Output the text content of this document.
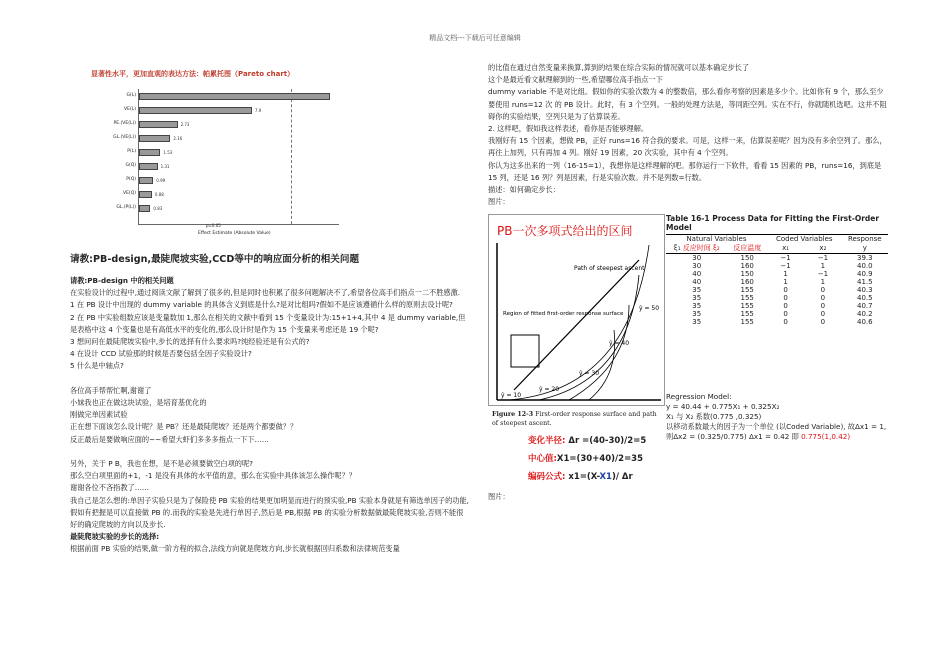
精品文档---下载后可任意编辑
显著性水平，更加直观的表达方法：帕累托图（Pareto chart）
G(L)
VE(L)	7.9
PE.(VE(L))	2.73
GL.(VE(L))	2.16
P(L)	1.53
G(Q)	1.31
P(Q)	0.99
VE(Q)	0.88
GL.(P(L))	0.83
p=0.05
Effect Estimate (Absolute Value)

请教:PB-design,最陡爬坡实验,CCD等中的响应面分析的相关问题

请教:PB-design 中的相关问题

在实验设计的过程中,通过阅读文献了解到了很多的,但是同时也积累了很多问题解决不了,希望各位高手们指点一二不胜感激.

1 在 PB 设计中出现的 dummy variable 的具体含义到底是什么?是对比组吗?假如不是应该遵循什么样的原则去设计呢?

2 在 PB 中实验组数应该是变量数加 1,那么在相关的文献中看到 15 个变量设计为:15+1+4,其中 4 是 dummy variable,但是表格中这 4 个变量也是有高低水平的变化的,那么设计时是作为 15 个变量来考虑还是 19 个呢?

3 想问问在最陡爬坡实验中,步长的选择有什么要求吗?纯经验还是有公式的?

4 在设计 CCD 试验那的时候是否要包括全因子实验设计?

5 什么是中轴点?

各位高手帮帮忙啊,谢谢了

小妹我也正在做这块试验，是培育基优化的

刚做完单因素试验

正在想下面该怎么设计呢？是 PB？还是最陡爬坡？还是两个都要做？？

反正最后是要做响应面的~~希望大虾们多多多指点一下下……

另外，关于 P B，我也在想，是不是必须要做空白项的呢?

那么空白项里面的+1，-1 是没有具体的水平值的意，那么在实验中具体该怎么操作呢？？

谢谢各位不吝指教了……

我自己是怎么想的:单因子实验只是为了保险使 PB 实验的结果更加明显而进行的预实验,PB 实验本身就是有筛选单因子的功能,假如有把握是可以直接做 PB 的.而我的实验是先进行单因子,然后是 PB,根据 PB 的实验分析数据做最陡爬坡实验,否则不能很好的确定爬坡的方向以及步长.

最陡爬坡实验的步长的选择:

根据前面 PB 实验的结果,做一阶方程的拟合,法线方向就是爬坡方向,步长就根据回归系数和法律规范变量

的比值在通过自然变量来换算,算到的结果在综合实际的情况就可以基本确定步长了

这个是最近看文献理解到的一些,希望哪位高手指点一下

dummy variable 不是对比组。假如你的实验次数为 4 的整数倍，那么看你考察的因素是多少个。比如你有 9 个，那么至少要使用 runs=12 次 的 PB 设计。此时，有 3 个空列。一般的处理方法是，等同距空列。实在不行，你就随机选吧。这并不阻碍你的实验结果，空列只是为了估算误差。

2. 这样吧，假如我这样表述，看你是否能够理解。

我刚好有 15 个因素，想做 PB，正好 runs=16 符合我的要求。可是，这样一来，估算误差呢？因为没有多余空列了。那么，再往上加列，只有再加 4 列。刚好 19 因素，20 次实验，其中有 4 个空列。

你认为这多出来的一列（16-15=1），我想你是这样理解的吧。那你运行一下软件，看看 15 因素的 PB，runs=16，到底是 15 列，还是 16 列？列是因素，行是实验次数。并不是列数=行数。

描述：如何确定步长：

图片：

PB一次多项式给出的区间
Path of steepest ascent
Region of fitted first-order response surface
ŷ = 50
ŷ = 40
ŷ = 30
ŷ = 20
ŷ = 10
Figure 12-3 First-order response surface and path of steepest ascent.

Table 16-1 Process Data for Fitting the First-Order Model

Natural Variables		Coded Variables		Response
ξ₁ 反应时间 ξ₂	反应温度	x₁	x₂	y
30	150	−1	−1	39.3
30	160	−1	1	40.0
40	150	1	−1	40.9
40	160	1	1	41.5
35	155	0	0	40.3
35	155	0	0	40.5
35	155	0	0	40.7
35	155	0	0	40.2
35	155	0	0	40.6
Regression Model:
y = 40.44 + 0.775X₁ + 0.325X₂
X₁ 与 X₂ 系数(0.775 ,0.325)
以移动系数最大的因子为一个单位 (以Coded Variable), 故Δx1 = 1, 则Δx2 = (0.325/0.775) Δx1 = 0.42 即 0.775(1,0.42)
变化半径: Δr =(40-30)/2=5
中心值:X1=(30+40)/2=35
编码公式: x1=(X-X1)/ Δr

图片：
